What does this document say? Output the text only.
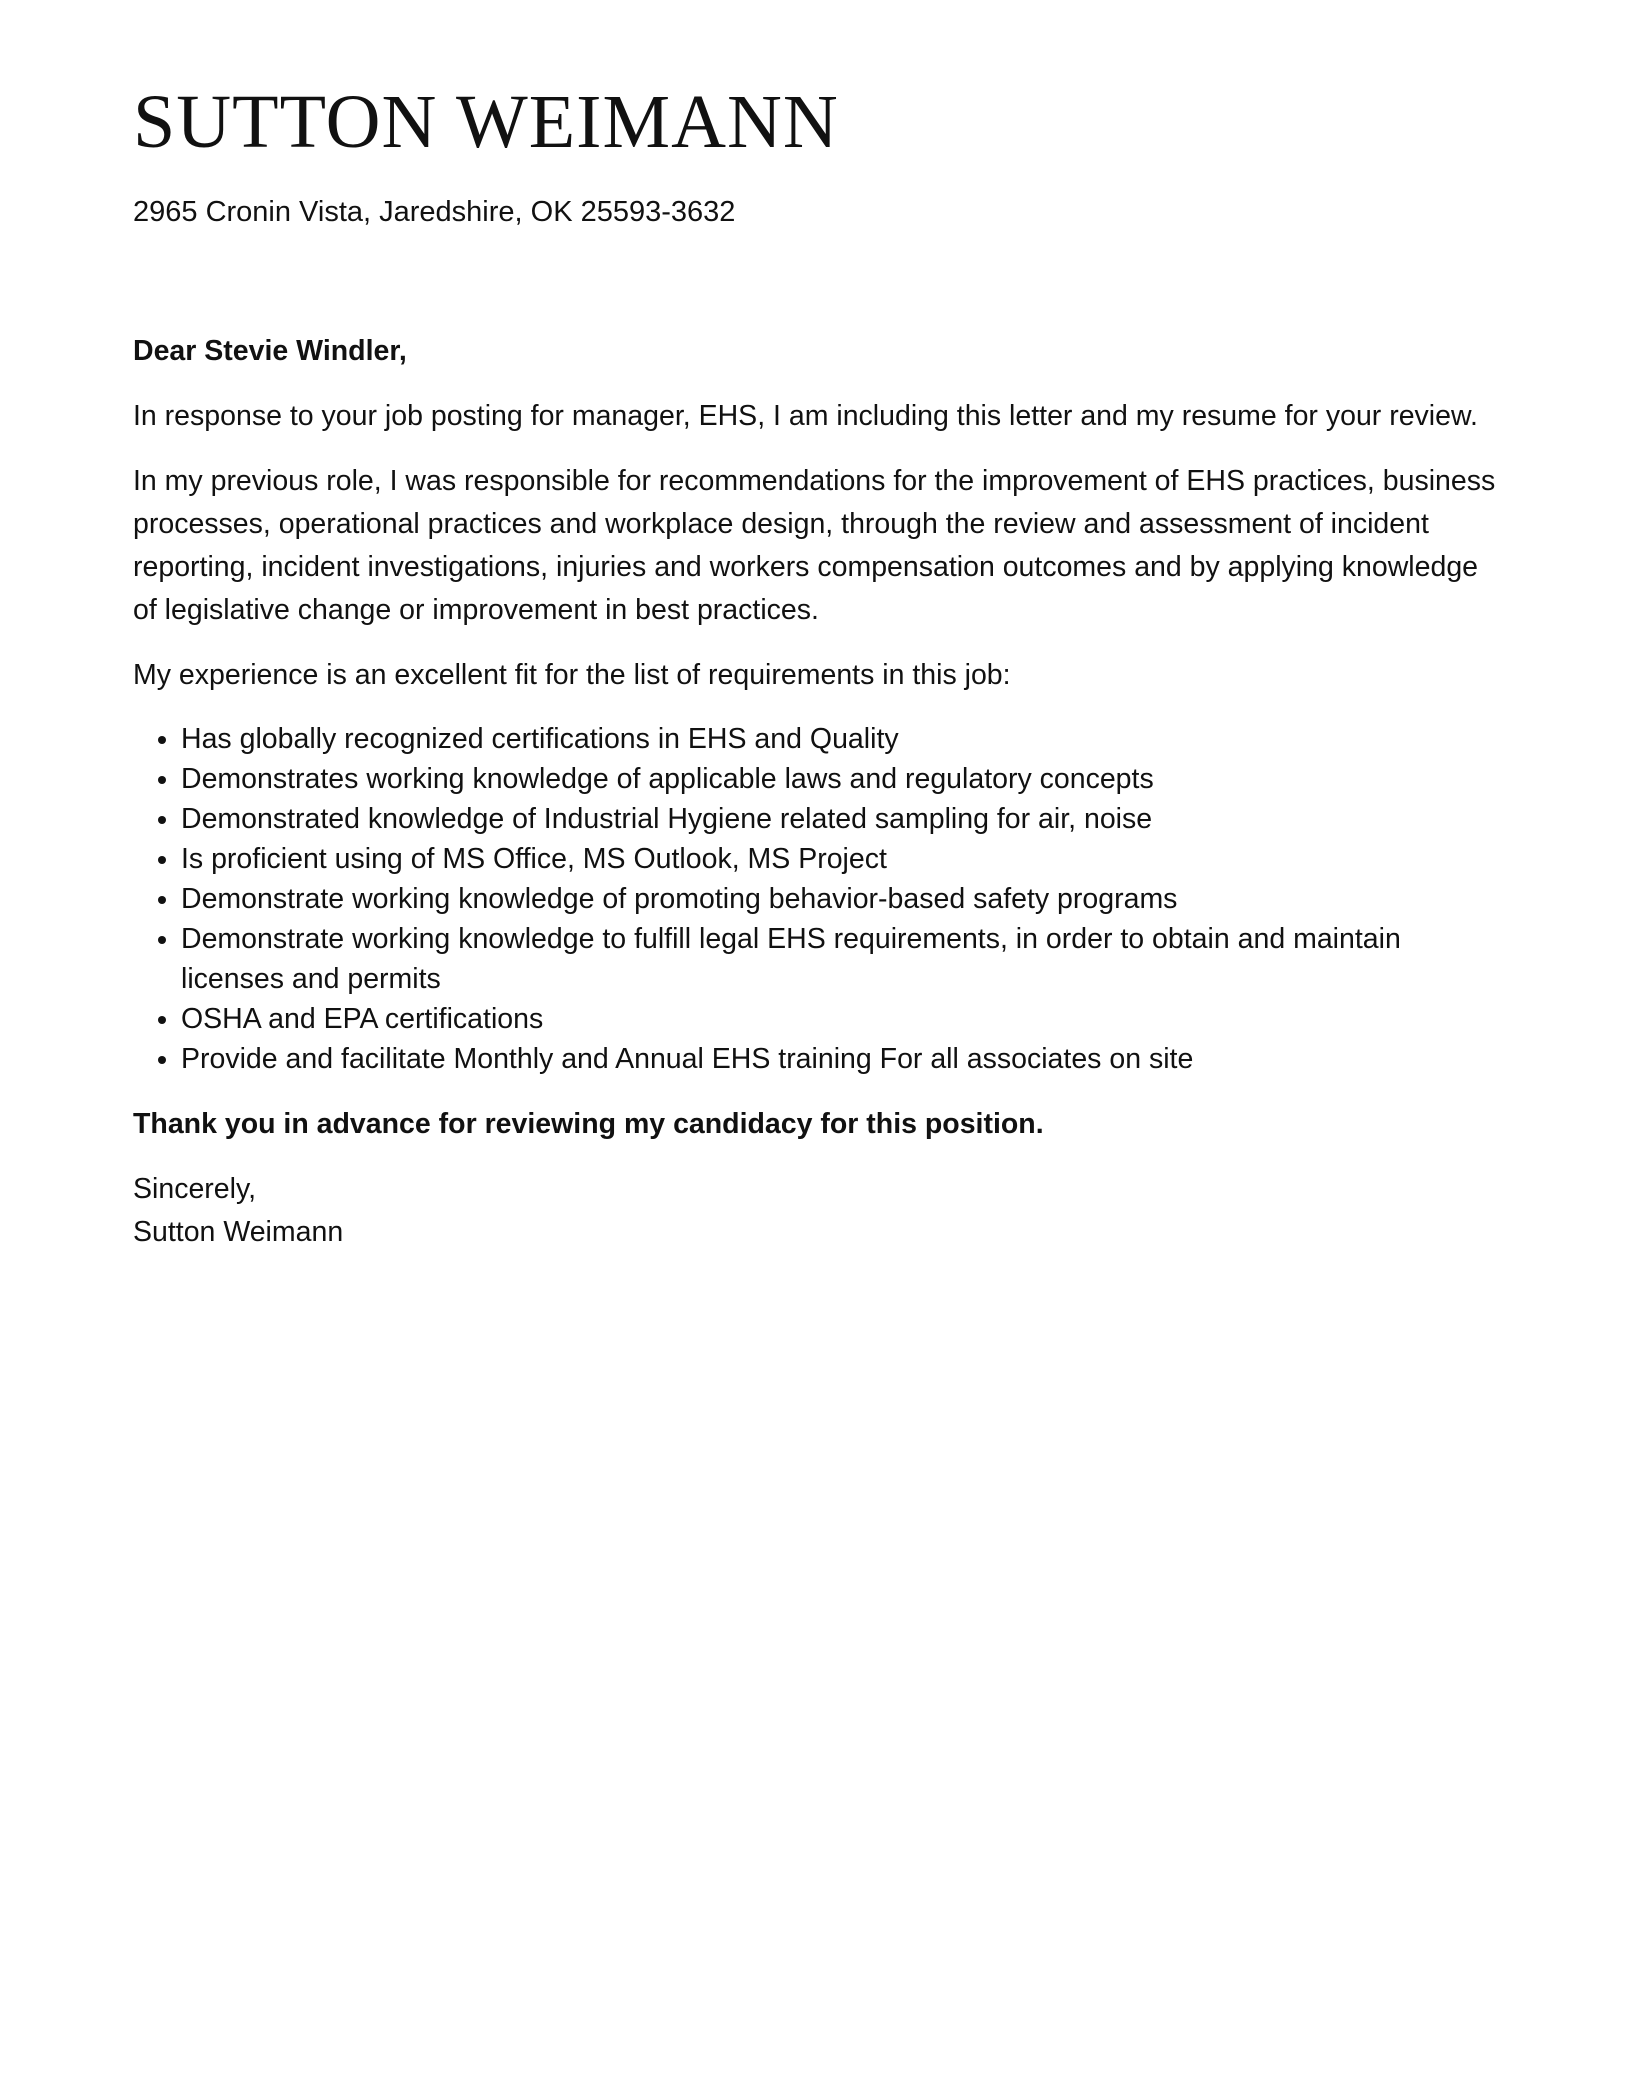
SUTTON WEIMANN
2965 Cronin Vista, Jaredshire, OK 25593-3632

Dear Stevie Windler,

In response to your job posting for manager, EHS, I am including this letter and my resume for your review.

In my previous role, I was responsible for recommendations for the improvement of EHS practices, business processes, operational practices and workplace design, through the review and assessment of incident reporting, incident investigations, injuries and workers compensation outcomes and by applying knowledge of legislative change or improvement in best practices.

My experience is an excellent fit for the list of requirements in this job:

• Has globally recognized certifications in EHS and Quality
• Demonstrates working knowledge of applicable laws and regulatory concepts
• Demonstrated knowledge of Industrial Hygiene related sampling for air, noise
• Is proficient using of MS Office, MS Outlook, MS Project
• Demonstrate working knowledge of promoting behavior-based safety programs
• Demonstrate working knowledge to fulfill legal EHS requirements, in order to obtain and maintain licenses and permits
• OSHA and EPA certifications
• Provide and facilitate Monthly and Annual EHS training For all associates on site

Thank you in advance for reviewing my candidacy for this position.

Sincerely,
Sutton Weimann
